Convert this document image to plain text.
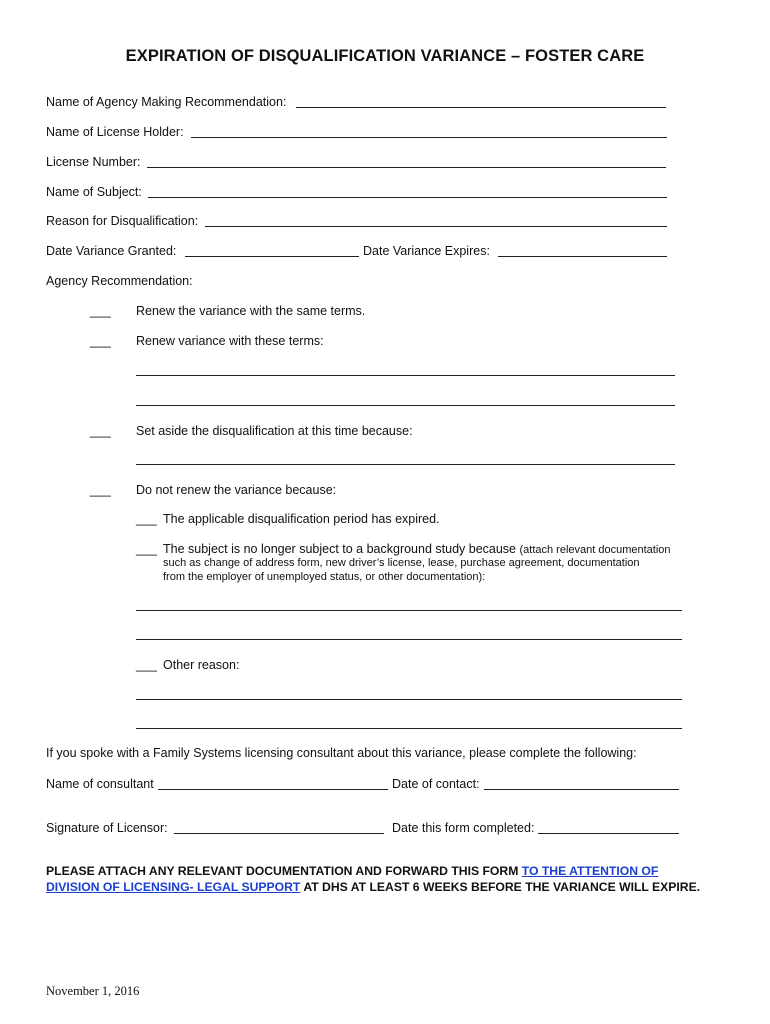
EXPIRATION OF DISQUALIFICATION VARIANCE – FOSTER CARE
Name of Agency Making Recommendation:
Name of License Holder:
License Number:
Name of Subject:
Reason for Disqualification:
Date Variance Granted:	Date Variance Expires:
Agency Recommendation:
___ Renew the variance with the same terms.
___ Renew variance with these terms:
___ Set aside the disqualification at this time because:
___ Do not renew the variance because:
___ The applicable disqualification period has expired.
___ The subject is no longer subject to a background study because (attach relevant documentation
such as change of address form, new driver’s license, lease, purchase agreement, documentation
from the employer of unemployed status, or other documentation):
___ Other reason:
If you spoke with a Family Systems licensing consultant about this variance, please complete the following:
Name of consultant	Date of contact:
Signature of Licensor:	Date this form completed:
PLEASE ATTACH ANY RELEVANT DOCUMENTATION AND FORWARD THIS FORM TO THE ATTENTION OF DIVISION OF LICENSING- LEGAL SUPPORT AT DHS AT LEAST 6 WEEKS BEFORE THE VARIANCE WILL EXPIRE.
November 1, 2016
